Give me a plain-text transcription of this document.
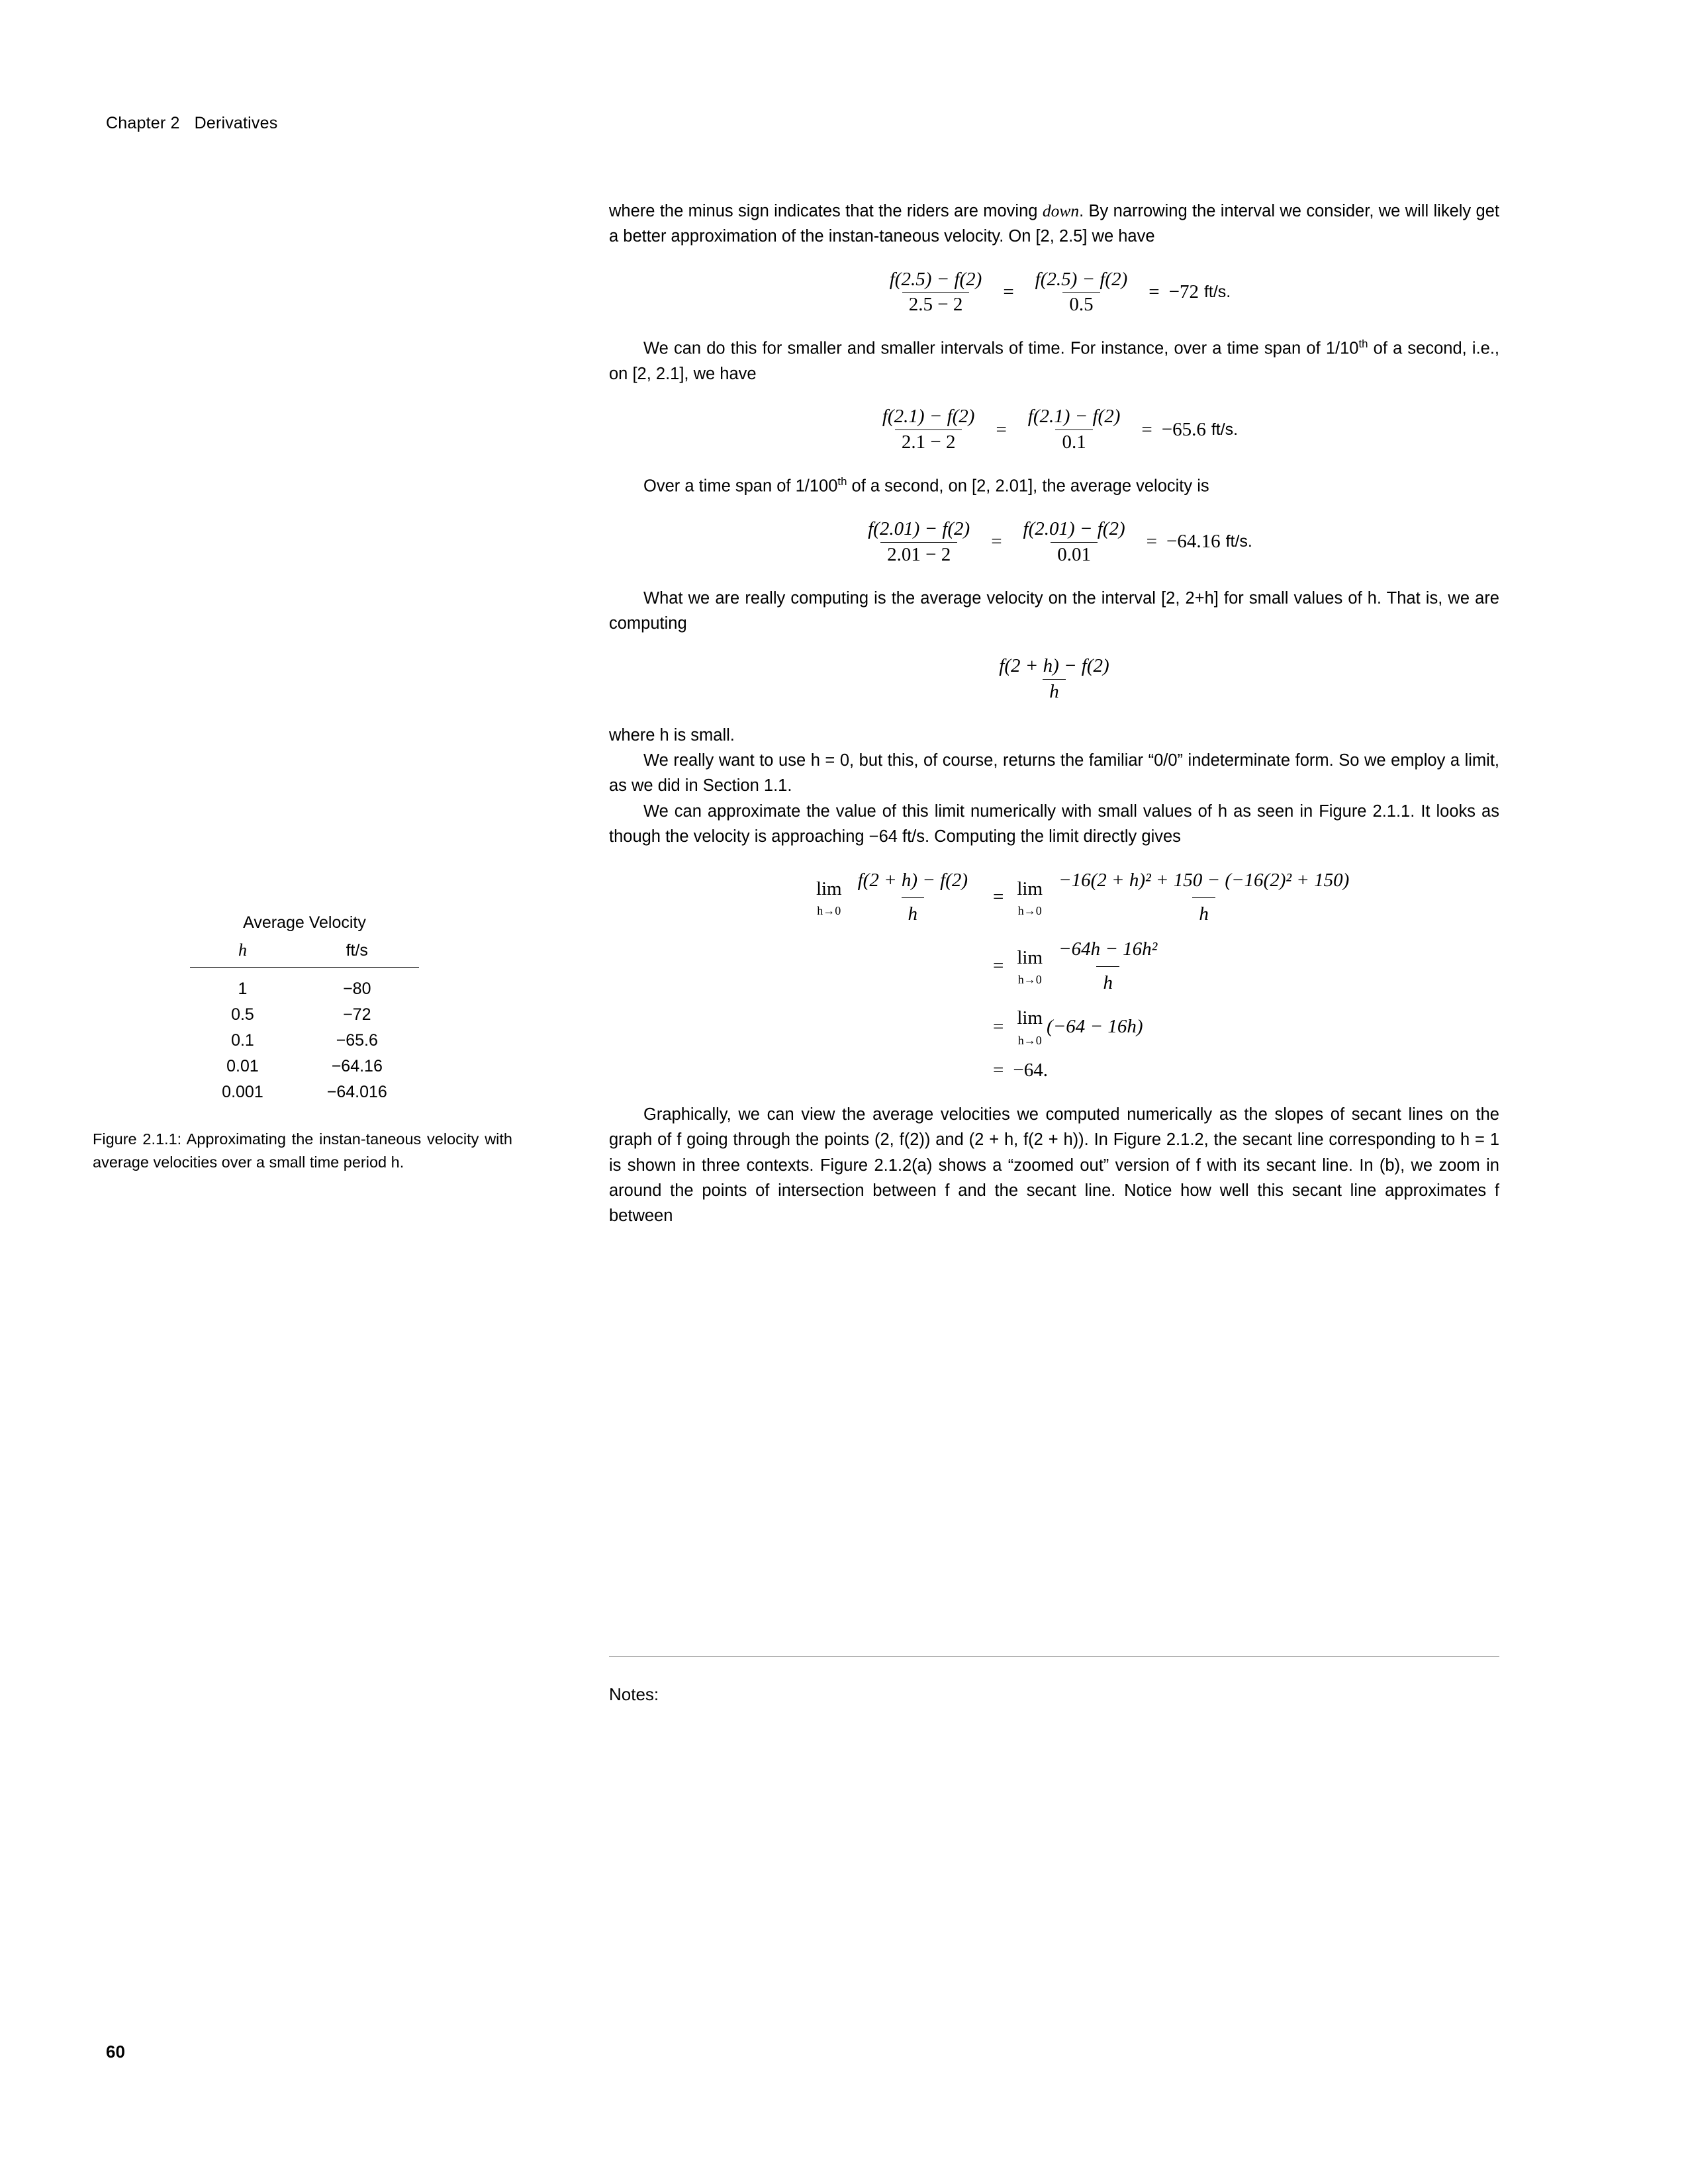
Chapter 2 Derivatives
Average Velocity
h	ft/s
1	−80
0.5	−72
0.1	−65.6
0.01	−64.16
0.001	−64.016
Figure 2.1.1: Approximating the instan-taneous velocity with average velocities over a small time period h.

where the minus sign indicates that the riders are moving down. By narrowing the interval we consider, we will likely get a better approximation of the instan-taneous velocity. On [2, 2.5] we have

$\frac{f(2.5) - f(2)}{2.5 - 2} = \frac{f(2.5) - f(2)}{0.5} = -72$ ft/s.

We can do this for smaller and smaller intervals of time. For instance, over a time span of 1/10th of a second, i.e., on [2, 2.1], we have

$\frac{f(2.1) - f(2)}{2.1 - 2} = \frac{f(2.1) - f(2)}{0.1} = -65.6$ ft/s.

Over a time span of 1/100th of a second, on [2, 2.01], the average velocity is

$\frac{f(2.01) - f(2)}{2.01 - 2} = \frac{f(2.01) - f(2)}{0.01} = -64.16$ ft/s.

What we are really computing is the average velocity on the interval [2, 2+h] for small values of h. That is, we are computing

$\frac{f(2 + h) - f(2)}{h}$

where h is small.

We really want to use h = 0, but this, of course, returns the familiar “0/0” indeterminate form. So we employ a limit, as we did in Section 1.1.

We can approximate the value of this limit numerically with small values of h as seen in Figure 2.1.1. It looks as though the velocity is approaching −64 ft/s. Computing the limit directly gives

lim
$h\to 0 \frac{f(2 + h) - f(2)}{h} = \lim$
$h\to 0 \frac{\text{−16(2 + h)² + 150 − (−16(2)² + 150)}}{h}$
= lim
$h\to 0 \frac{\text{−64h − 16h²}}{h}$
= lim
h→0
(−64 − 16h)
= −64.

Graphically, we can view the average velocities we computed numerically as the slopes of secant lines on the graph of f going through the points (2, f(2)) and (2 + h, f(2 + h)). In Figure 2.1.2, the secant line corresponding to h = 1 is shown in three contexts. Figure 2.1.2(a) shows a “zoomed out” version of f with its secant line. In (b), we zoom in around the points of intersection between f and the secant line. Notice how well this secant line approximates f between

Notes:
60
